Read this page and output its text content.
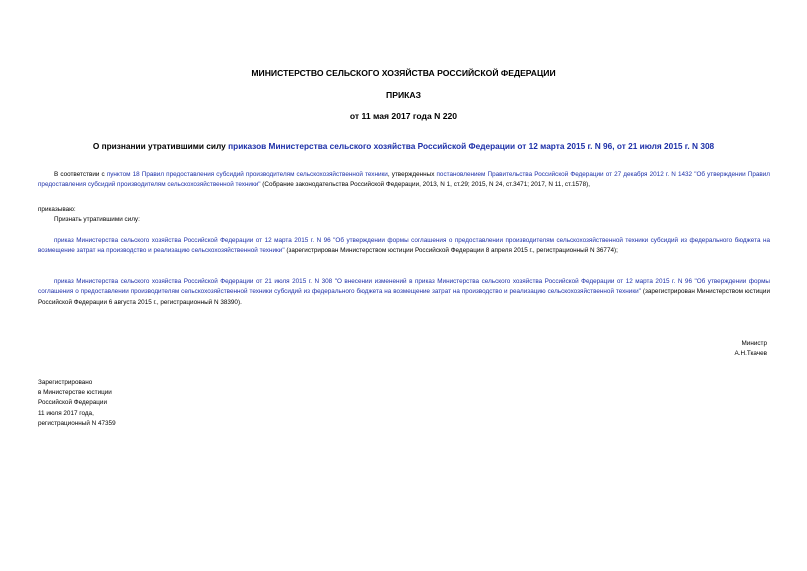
МИНИСТЕРСТВО СЕЛЬСКОГО ХОЗЯЙСТВА РОССИЙСКОЙ ФЕДЕРАЦИИ
ПРИКАЗ
от 11 мая 2017 года N 220
О признании утратившими силу приказов Министерства сельского хозяйства Российской Федерации от 12 марта 2015 г. N 96, от 21 июля 2015 г. N 308
В соответствии с пунктом 18 Правил предоставления субсидий производителям сельскохозяйственной техники, утвержденных постановлением Правительства Российской Федерации от 27 декабря 2012 г. N 1432 "Об утверждении Правил предоставления субсидий производителям сельскохозяйственной техники" (Собрание законодательства Российской Федерации, 2013, N 1, ст.29; 2015, N 24, ст.3471; 2017, N 11, ст.1578),
приказываю:
Признать утратившими силу:
приказ Министерства сельского хозяйства Российской Федерации от 12 марта 2015 г. N 96 "Об утверждении формы соглашения о предоставлении производителям сельскохозяйственной техники субсидий из федерального бюджета на возмещение затрат на производство и реализацию сельскохозяйственной техники" (зарегистрирован Министерством юстиции Российской Федерации 8 апреля 2015 г., регистрационный N 36774);
приказ Министерства сельского хозяйства Российской Федерации от 21 июля 2015 г. N 308 "О внесении изменений в приказ Министерства сельского хозяйства Российской Федерации от 12 марта 2015 г. N 96 "Об утверждении формы соглашения о предоставлении производителям сельскохозяйственной техники субсидий из федерального бюджета на возмещение затрат на производство и реализацию сельскохозяйственной техники" (зарегистрирован Министерством юстиции Российской Федерации 6 августа 2015 г., регистрационный N 38390).
Министр
А.Н.Ткачев
Зарегистрировано
в Министерстве юстиции
Российской Федерации
11 июля 2017 года,
регистрационный N 47359
